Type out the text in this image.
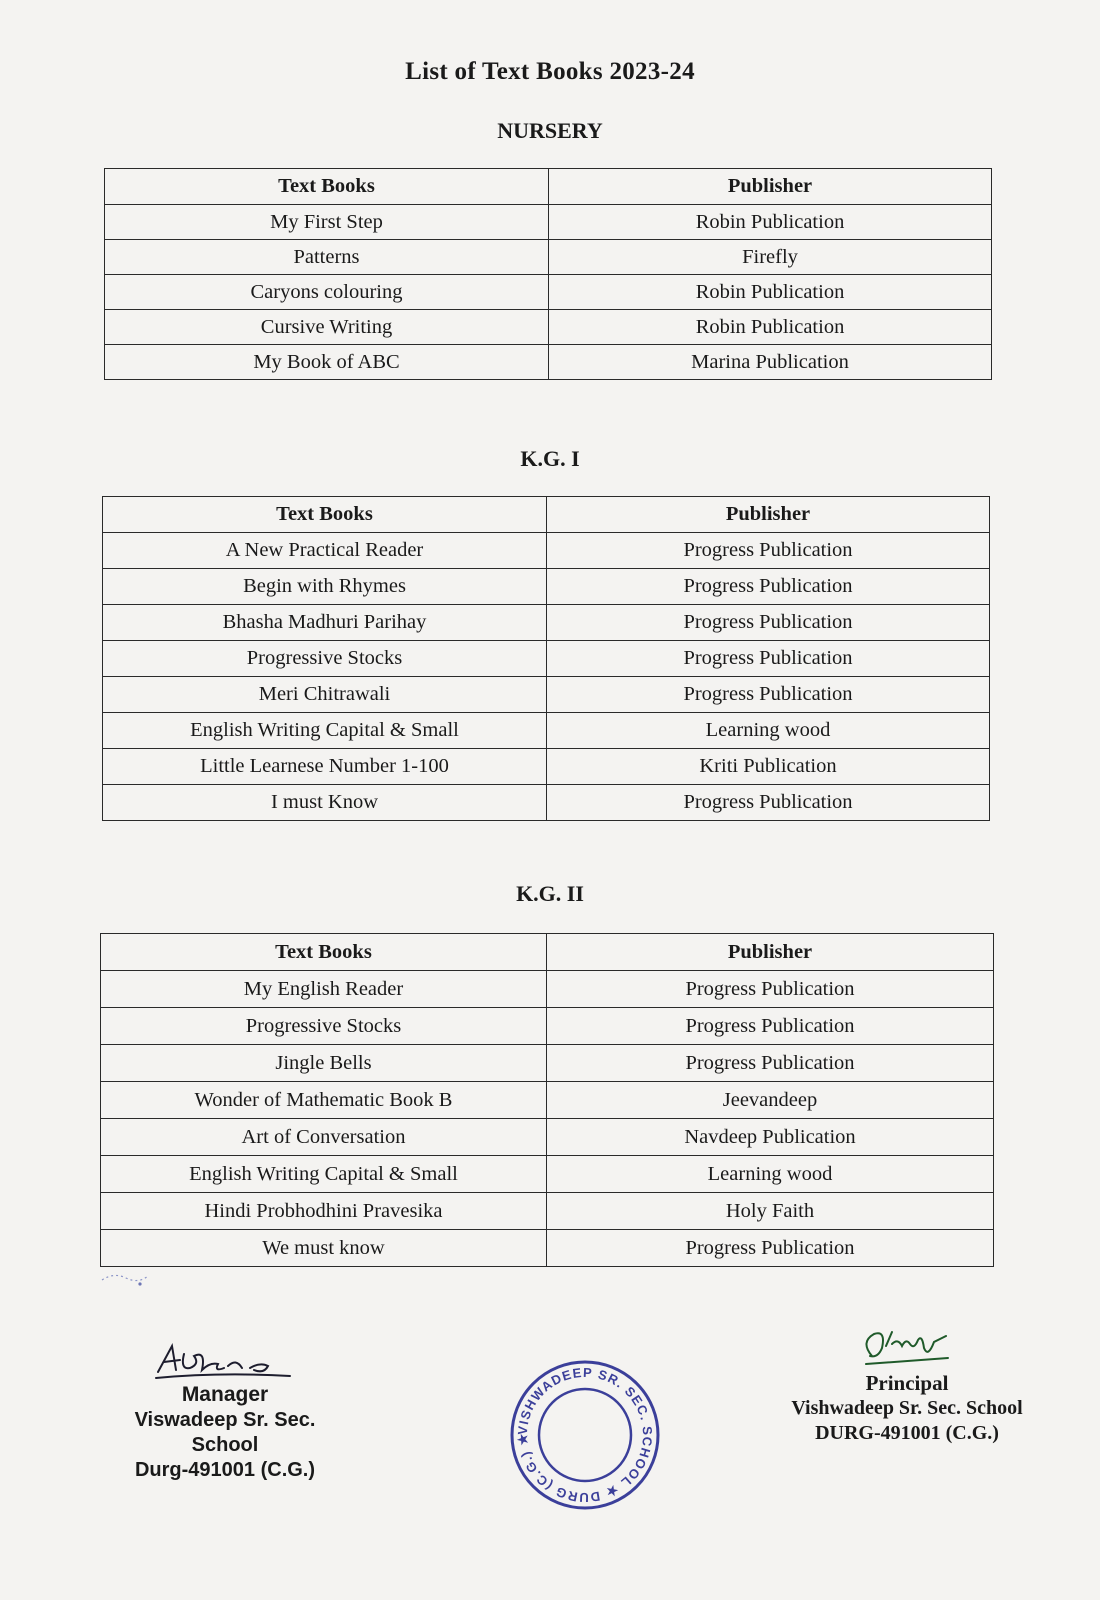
List of Text Books 2023-24
NURSERY
Text Books	Publisher
My First Step	Robin Publication
Patterns	Firefly
Caryons colouring	Robin Publication
Cursive Writing	Robin Publication
My Book of ABC	Marina Publication
K.G. I
Text Books	Publisher
A New Practical Reader	Progress Publication
Begin with Rhymes	Progress Publication
Bhasha Madhuri Parihay	Progress Publication
Progressive Stocks	Progress Publication
Meri Chitrawali	Progress Publication
English Writing Capital & Small	Learning wood
Little Learnese Number 1-100	Kriti Publication
I must Know	Progress Publication
K.G. II
Text Books	Publisher
My English Reader	Progress Publication
Progressive Stocks	Progress Publication
Jingle Bells	Progress Publication
Wonder of Mathematic Book B	Jeevandeep
Art of Conversation	Navdeep Publication
English Writing Capital & Small	Learning wood
Hindi Probhodhini Pravesika	Holy Faith
We must know	Progress Publication
Manager
Viswadeep Sr. Sec. School
Durg-491001 (C.G.)
VISHWADEEP SR. SEC. SCHOOL ★ DURG (C.G.) ★
Principal
Vishwadeep Sr. Sec. School
DURG-491001 (C.G.)
